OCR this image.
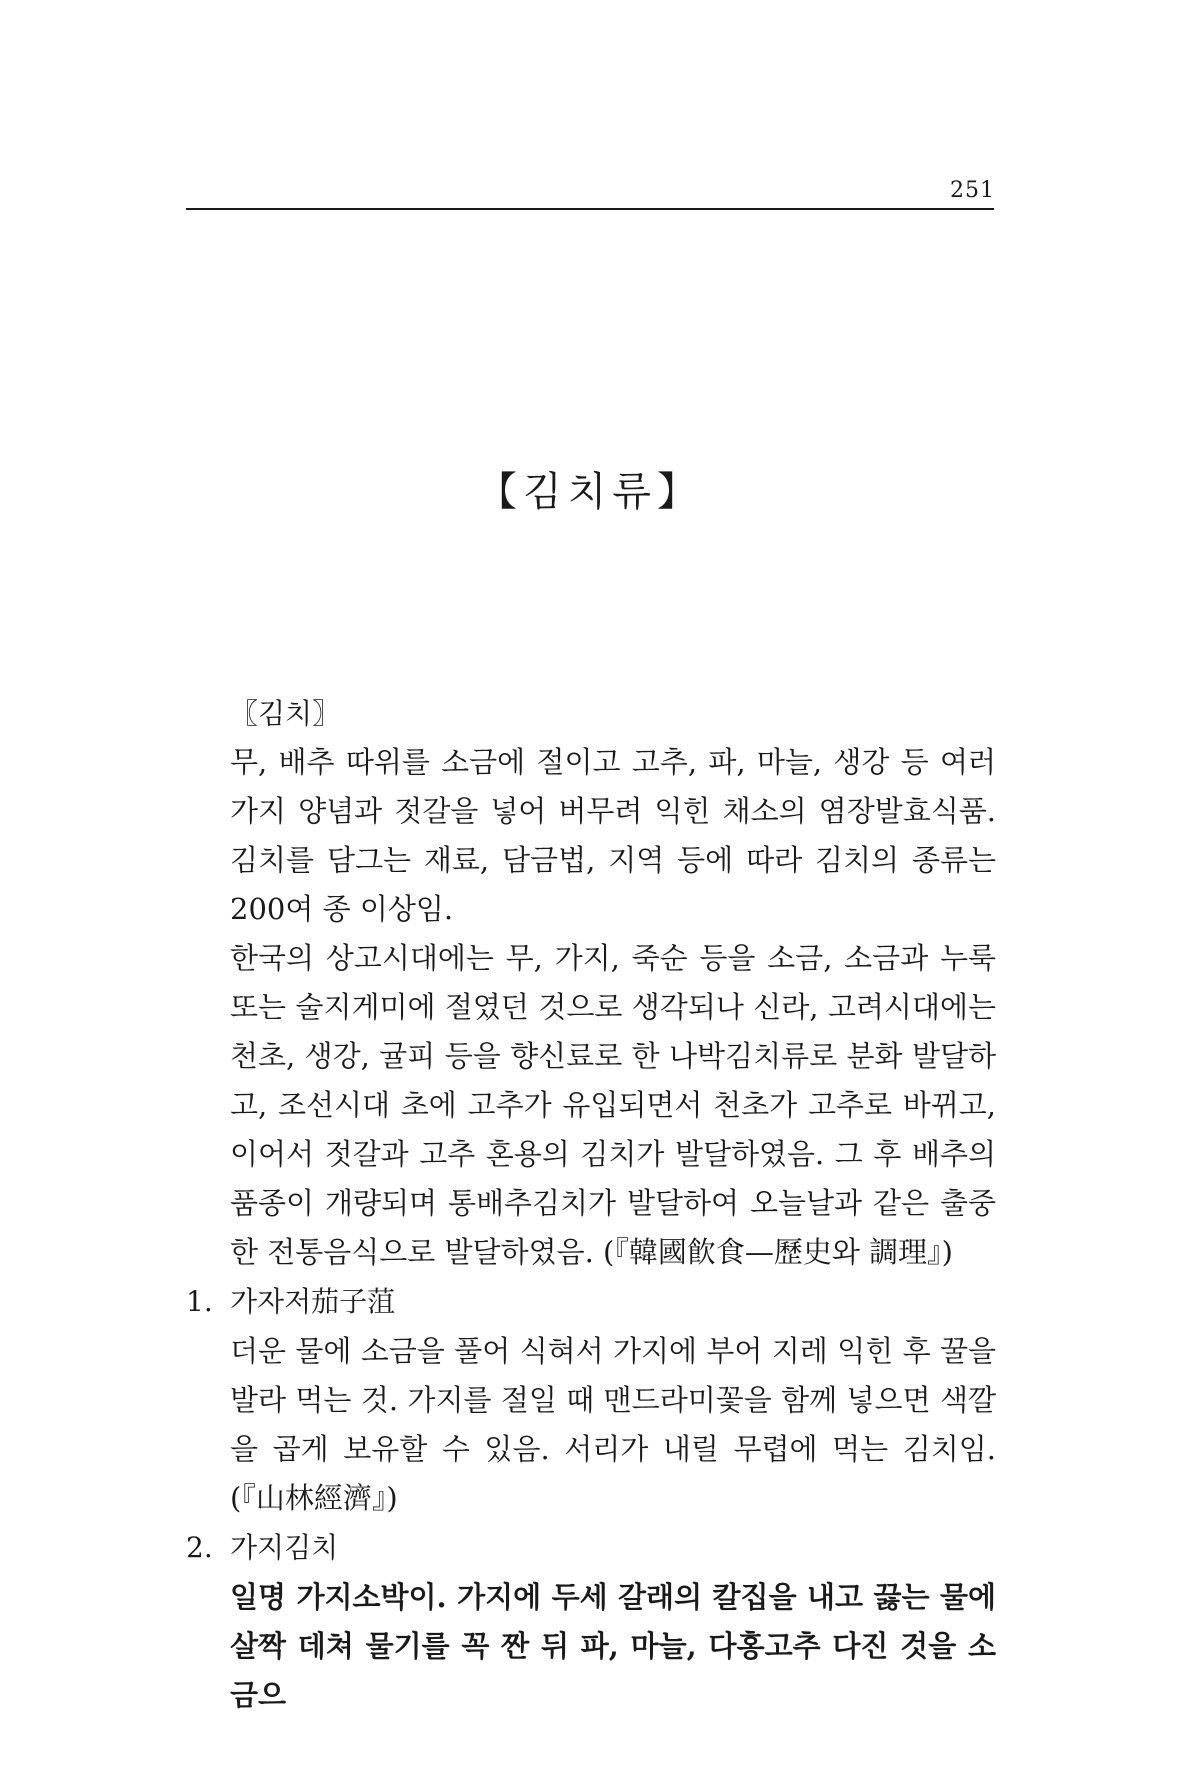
251
【김치류】
〖김치〗

무, 배추 따위를 소금에 절이고 고추, 파, 마늘, 생강 등 여러 가지 양념과 젓갈을 넣어 버무려 익힌 채소의 염장발효식품. 김치를 담그는 재료, 담금법, 지역 등에 따라 김치의 종류는 200여 종 이상임.

한국의 상고시대에는 무, 가지, 죽순 등을 소금, 소금과 누룩 또는 술지게미에 절였던 것으로 생각되나 신라, 고려시대에는 천초, 생강, 귤피 등을 향신료로 한 나박김치류로 분화 발달하고, 조선시대 초에 고추가 유입되면서 천초가 고추로 바뀌고, 이어서 젓갈과 고추 혼용의 김치가 발달하였음. 그 후 배추의 품종이 개량되며 통배추김치가 발달하여 오늘날과 같은 출중한 전통음식으로 발달하였음. (『韓國飮食—歷史와 調理』)

1. 가자저茄子菹

더운 물에 소금을 풀어 식혀서 가지에 부어 지레 익힌 후 꿀을 발라 먹는 것. 가지를 절일 때 맨드라미꽃을 함께 넣으면 색깔을 곱게 보유할 수 있음. 서리가 내릴 무렵에 먹는 김치임. (『山林經濟』)

2. 가지김치

일명 가지소박이. 가지에 두세 갈래의 칼집을 내고 끓는 물에 살짝 데쳐 물기를 꼭 짠 뒤 파, 마늘, 다홍고추 다진 것을 소금으
